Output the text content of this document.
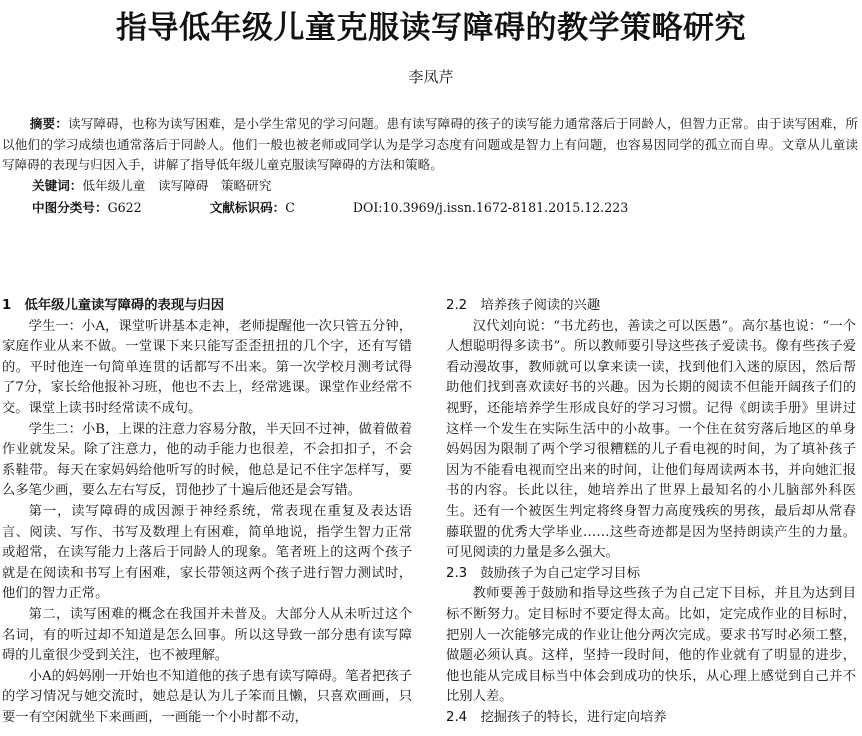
指导低年级儿童克服读写障碍的教学策略研究
李凤芹

摘要：读写障碍，也称为读写困难，是小学生常见的学习问题。患有读写障碍的孩子的读写能力通常落后于同龄人，但智力正常。由于读写困难，所以他们的学习成绩也通常落后于同龄人。他们一般也被老师或同学认为是学习态度有问题或是智力上有问题，也容易因同学的孤立而自卑。文章从儿童读写障碍的表现与归因入手，讲解了指导低年级儿童克服读写障碍的方法和策略。

关键词：低年级儿童　读写障碍　策略研究
中图分类号：G622	文献标识码：C	DOI:10.3969/j.issn.1672-8181.2015.12.223
1　低年级儿童读写障碍的表现与归因

学生一：小A，课堂听讲基本走神，老师提醒他一次只管五分钟，家庭作业从来不做。一堂课下来只能写歪歪扭扭的几个字，还有写错的。平时他连一句简单连贯的话都写不出来。第一次学校月测考试得了7分，家长给他报补习班，他也不去上，经常逃课。课堂作业经常不交。课堂上读书时经常读不成句。

学生二：小B，上课的注意力容易分散，半天回不过神，做着做着作业就发呆。除了注意力，他的动手能力也很差，不会扣扣子，不会系鞋带。每天在家妈妈给他听写的时候，他总是记不住字怎样写，要么多笔少画，要么左右写反，罚他抄了十遍后他还是会写错。

第一，读写障碍的成因源于神经系统，常表现在重复及表达语言、阅读、写作、书写及数理上有困难，简单地说，指学生智力正常或超常，在读写能力上落后于同龄人的现象。笔者班上的这两个孩子就是在阅读和书写上有困难，家长带领这两个孩子进行智力测试时，他们的智力正常。

第二，读写困难的概念在我国并未普及。大部分人从未听过这个名词，有的听过却不知道是怎么回事。所以这导致一部分患有读写障碍的儿童很少受到关注，也不被理解。

小A的妈妈刚一开始也不知道他的孩子患有读写障碍。笔者把孩子的学习情况与她交流时，她总是认为儿子笨而且懒，只喜欢画画，只要一有空闲就坐下来画画，一画能一个小时都不动，

2.2　培养孩子阅读的兴趣

汉代刘向说：“书尤药也，善读之可以医愚”。高尔基也说：“一个人想聪明得多读书”。所以教师要引导这些孩子爱读书。像有些孩子爱看动漫故事，教师就可以拿来读一读，找到他们入迷的原因，然后帮助他们找到喜欢读好书的兴趣。因为长期的阅读不但能开阔孩子们的视野，还能培养学生形成良好的学习习惯。记得《朗读手册》里讲过这样一个发生在实际生活中的小故事。一个住在贫穷落后地区的单身妈妈因为限制了两个学习很糟糕的儿子看电视的时间，为了填补孩子因为不能看电视而空出来的时间，让他们每周读两本书，并向她汇报书的内容。长此以往，她培养出了世界上最知名的小儿脑部外科医生。还有一个被医生判定将终身智力高度残疾的男孩，最后却从常春藤联盟的优秀大学毕业……这些奇迹都是因为坚持朗读产生的力量。可见阅读的力量是多么强大。

2.3　鼓励孩子为自己定学习目标

教师要善于鼓励和指导这些孩子为自己定下目标，并且为达到目标不断努力。定目标时不要定得太高。比如，定完成作业的目标时，把别人一次能够完成的作业让他分两次完成。要求书写时必须工整，做题必须认真。这样，坚持一段时间，他的作业就有了明显的进步，他也能从完成目标当中体会到成功的快乐，从心理上感觉到自己并不比别人差。

2.4　挖掘孩子的特长，进行定向培养
